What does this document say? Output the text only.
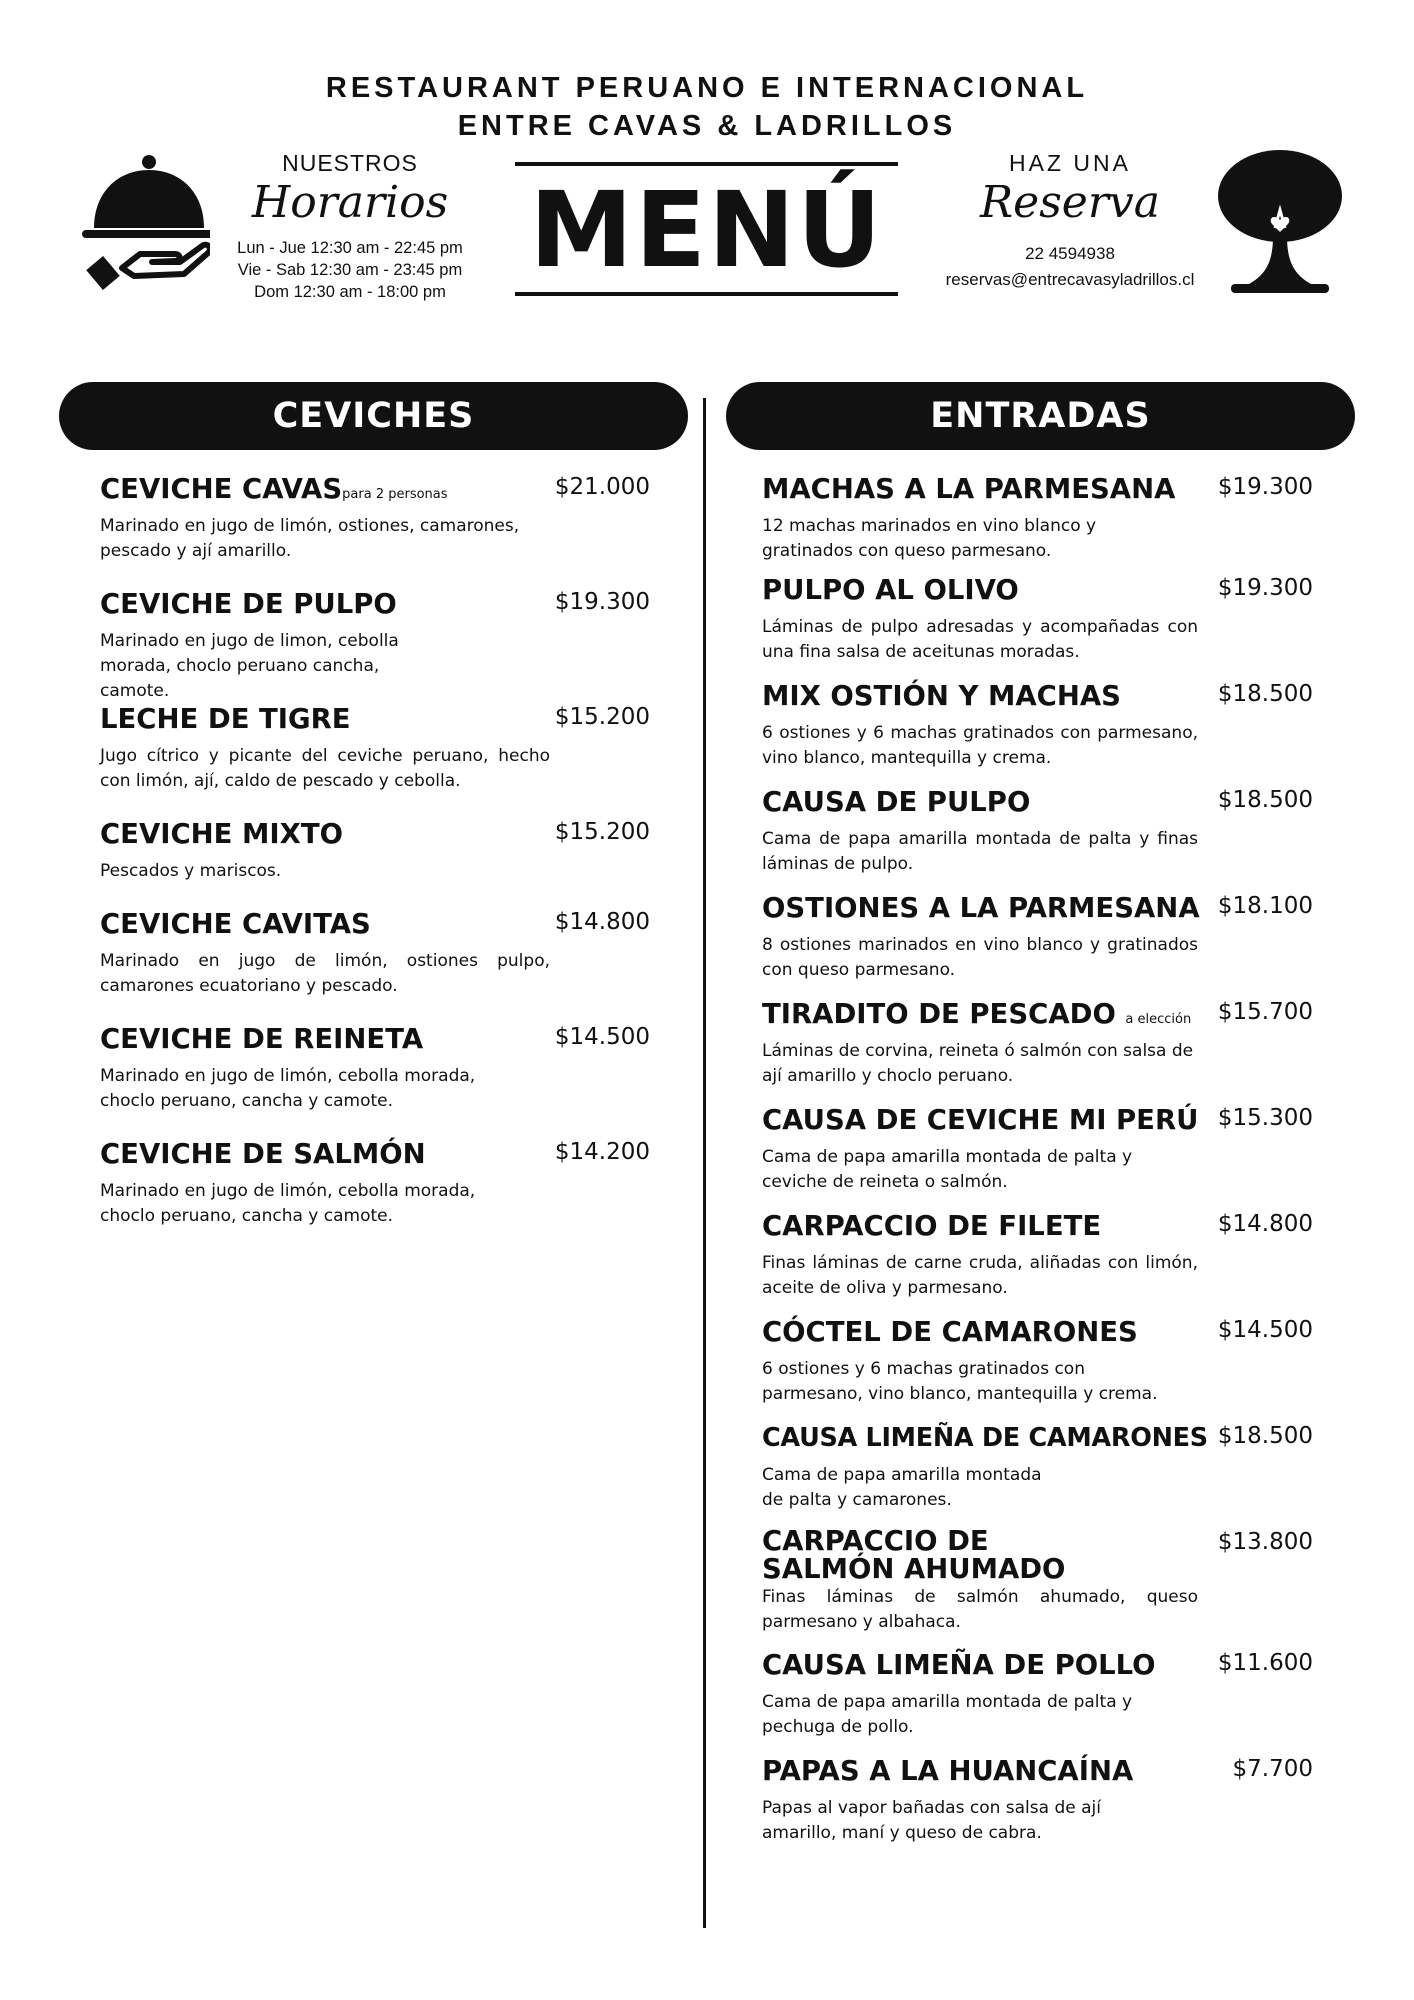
RESTAURANT PERUANO E INTERNACIONAL
ENTRE CAVAS & LADRILLOS
NUESTROS
Horarios
Lun - Jue 12:30 am - 22:45 pm
Vie - Sab 12:30 am - 23:45 pm
Dom 12:30 am - 18:00 pm
MENÚ
HAZ UNA
Reserva
22 4594938
reservas@entrecavasyladrillos.cl
CEVICHES	ENTRADAS
CEVICHE CAVASpara 2 personas	$21.000
Marinado en jugo de limón, ostiones, camarones, pescado y ají amarillo.
CEVICHE DE PULPO	$19.300
Marinado en jugo de limon, cebolla morada, choclo peruano cancha, camote.
LECHE DE TIGRE	$15.200
Jugo cítrico y picante del ceviche peruano, hecho con limón, ají, caldo de pescado y cebolla.
CEVICHE MIXTO	$15.200
Pescados y mariscos.
CEVICHE CAVITAS	$14.800
Marinado en jugo de limón, ostiones pulpo, camarones ecuatoriano y pescado.
CEVICHE DE REINETA	$14.500
Marinado en jugo de limón, cebolla morada, choclo peruano, cancha y camote.
CEVICHE DE SALMÓN	$14.200
Marinado en jugo de limón, cebolla morada, choclo peruano, cancha y camote.
MACHAS A LA PARMESANA $19.300
12 machas marinados en vino blanco y gratinados con queso parmesano.
PULPO AL OLIVO	$19.300
Láminas de pulpo adresadas y acompañadas con una fina salsa de aceitunas moradas.
MIX OSTIÓN Y MACHAS	$18.500
6 ostiones y 6 machas gratinados con parmesano, vino blanco, mantequilla y crema.
CAUSA DE PULPO	$18.500
Cama de papa amarilla montada de palta y finas láminas de pulpo.
OSTIONES A LA PARMESANA $18.100
8 ostiones marinados en vino blanco y gratinados con queso parmesano.
TIRADITO DE PESCADO a elección $15.700
Láminas de corvina, reineta ó salmón con salsa de ají amarillo y choclo peruano.
CAUSA DE CEVICHE MI PERÚ $15.300
Cama de papa amarilla montada de palta y ceviche de reineta o salmón.
CARPACCIO DE FILETE	$14.800
Finas láminas de carne cruda, aliñadas con limón, aceite de oliva y parmesano.
CÓCTEL DE CAMARONES	$14.500
6 ostiones y 6 machas gratinados con parmesano, vino blanco, mantequilla y crema.
CAUSA LIMEÑA DE CAMARONES $18.500
Cama de papa amarilla montada de palta y camarones.
CARPACCIO DE SALMÓN AHUMADO
$13.800
Finas láminas de salmón ahumado, queso parmesano y albahaca.
CAUSA LIMEÑA DE POLLO	$11.600
Cama de papa amarilla montada de palta y pechuga de pollo.
PAPAS A LA HUANCAÍNA	$7.700
Papas al vapor bañadas con salsa de ají amarillo, maní y queso de cabra.
